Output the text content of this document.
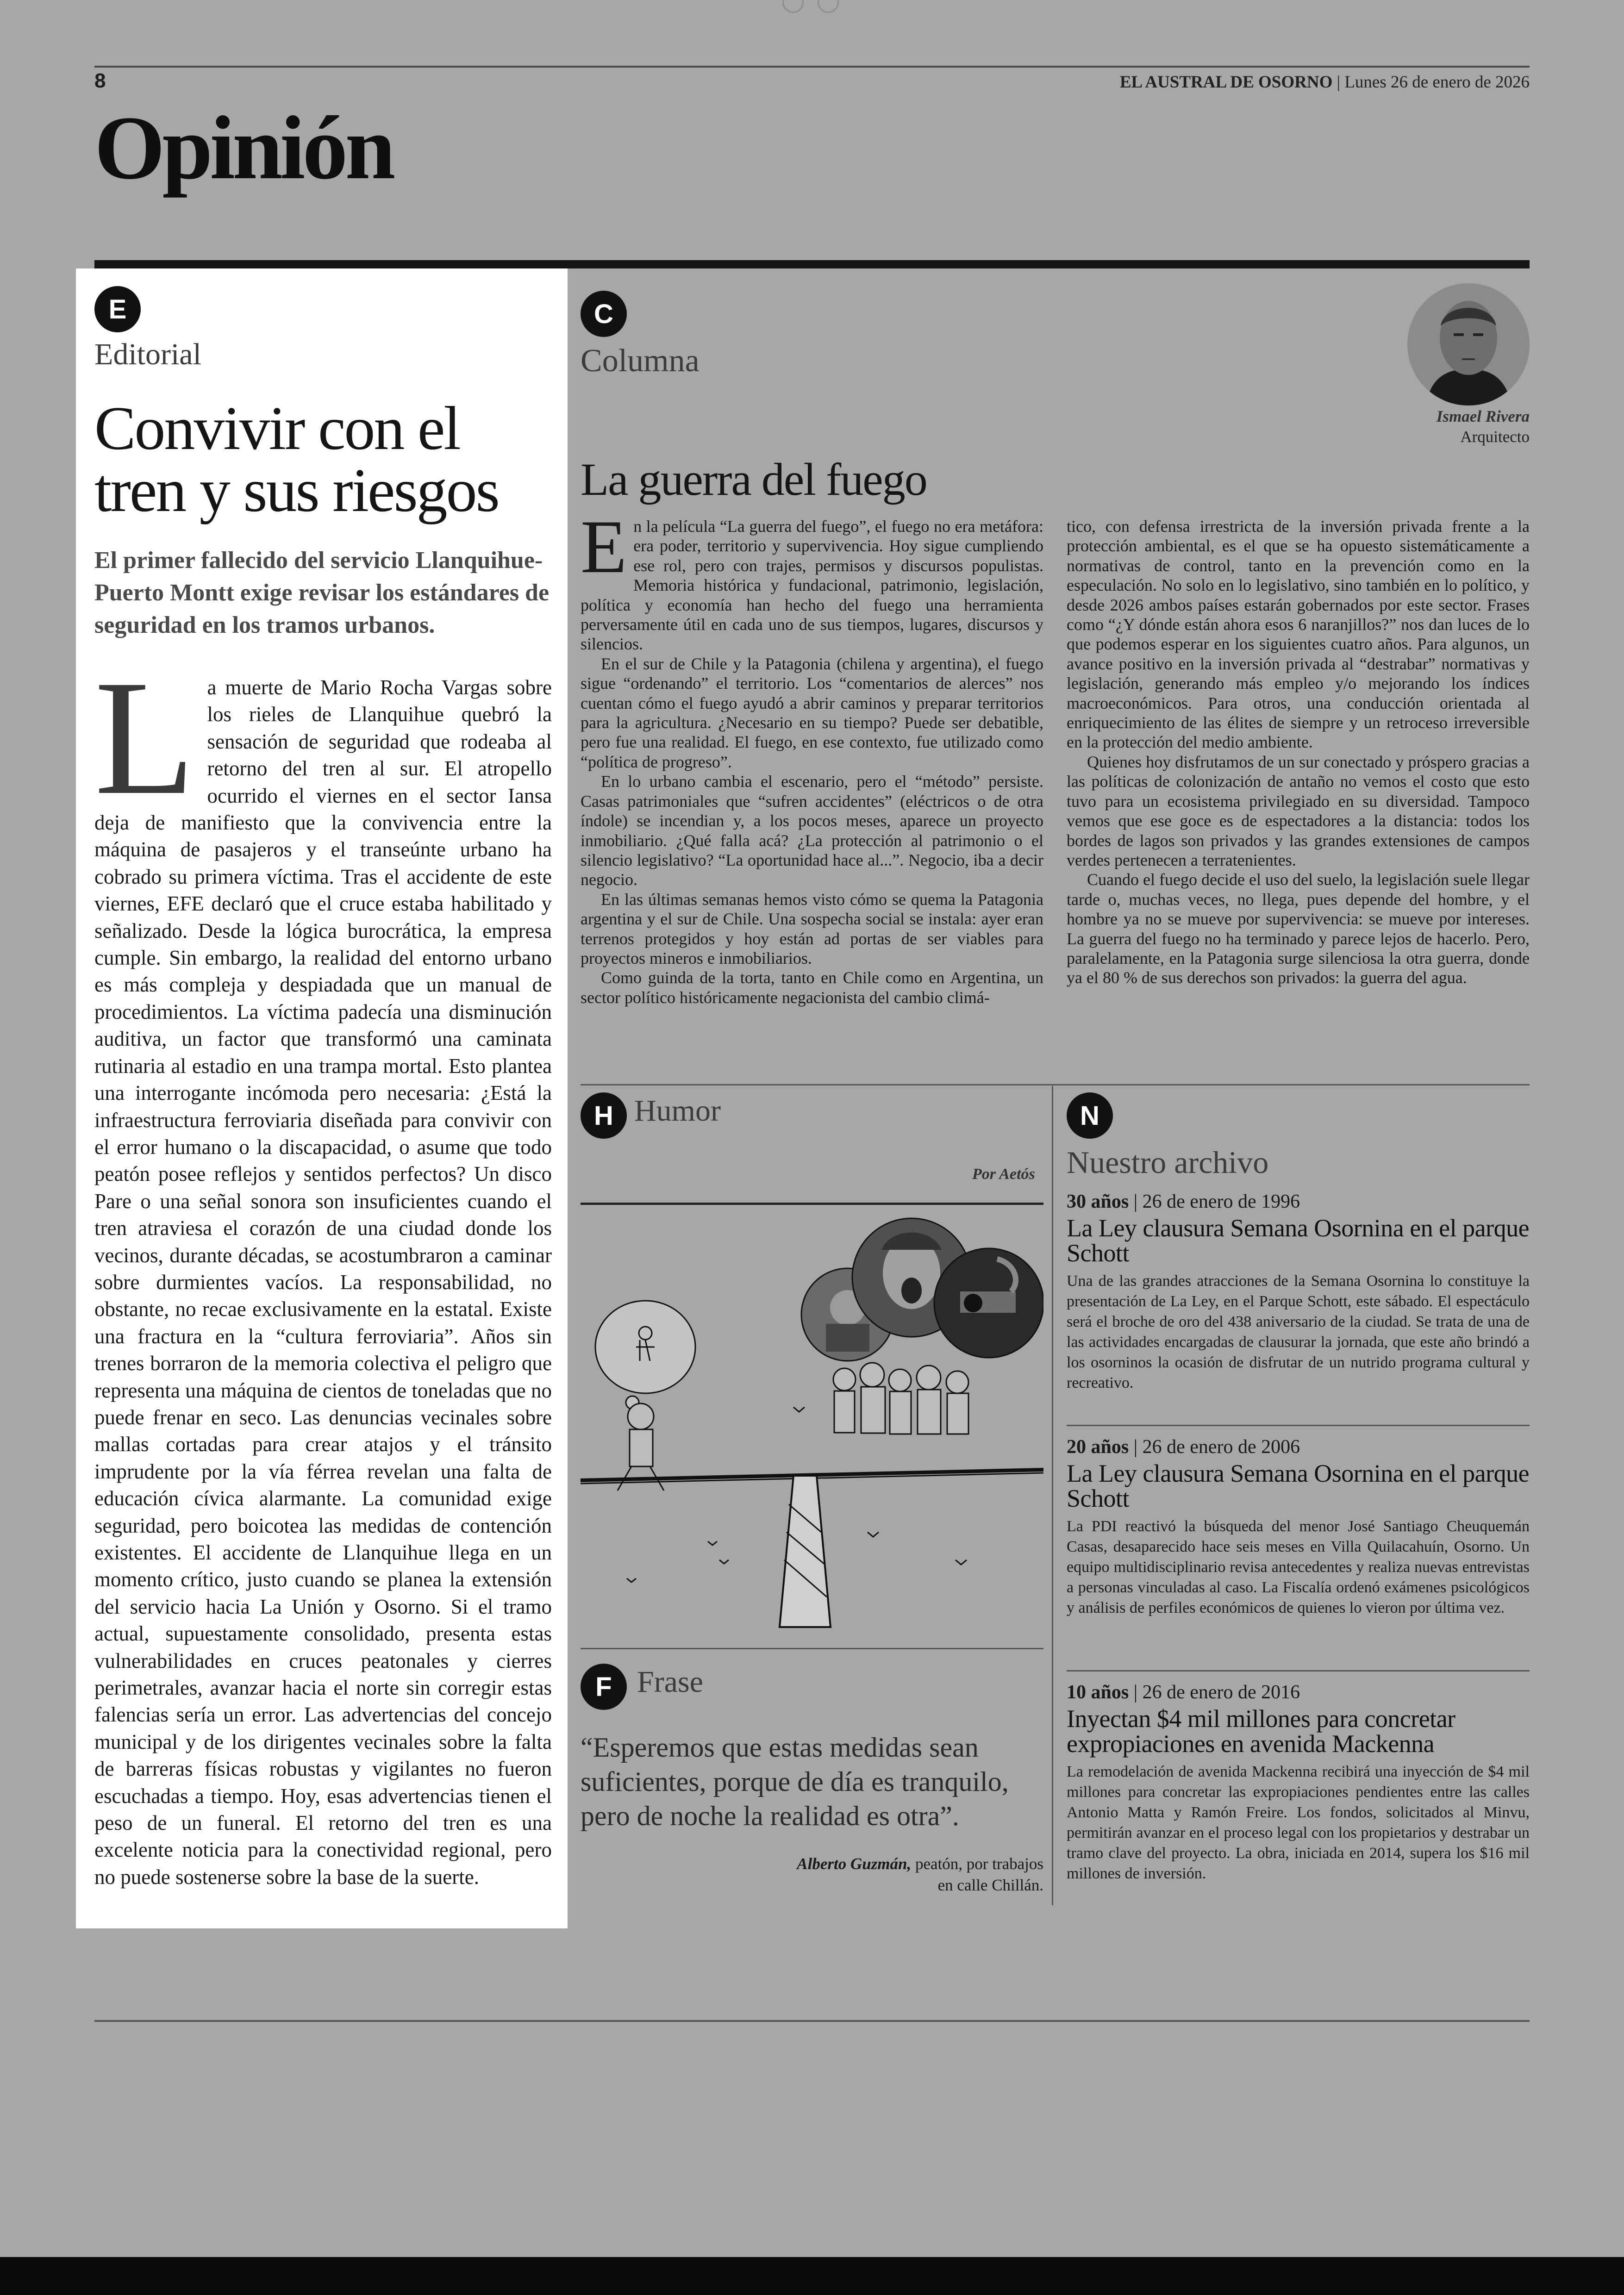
8	EL AUSTRAL DE OSORNO | Lunes 26 de enero de 2026
Opinión
E
Editorial
Convivir con el tren y sus riesgos
El primer fallecido del servicio Llanquihue-Puerto Montt exige revisar los estándares de seguridad en los tramos urbanos.
La muerte de Mario Rocha Vargas sobre los rieles de Llanquihue quebró la sensación de seguridad que rodeaba al retorno del tren al sur. El atropello ocurrido el viernes en el sector Iansa deja de manifiesto que la convivencia entre la máquina de pasajeros y el transeúnte urbano ha cobrado su primera víctima. Tras el accidente de este viernes, EFE declaró que el cruce estaba habilitado y señalizado. Desde la lógica burocrática, la empresa cumple. Sin embargo, la realidad del entorno urbano es más compleja y despiadada que un manual de procedimientos. La víctima padecía una disminución auditiva, un factor que transformó una caminata rutinaria al estadio en una trampa mortal. Esto plantea una interrogante incómoda pero necesaria: ¿Está la infraestructura ferroviaria diseñada para convivir con el error humano o la discapacidad, o asume que todo peatón posee reflejos y sentidos perfectos? Un disco Pare o una señal sonora son insuficientes cuando el tren atraviesa el corazón de una ciudad donde los vecinos, durante décadas, se acostumbraron a caminar sobre durmientes vacíos. La responsabilidad, no obstante, no recae exclusivamente en la estatal. Existe una fractura en la “cultura ferroviaria”. Años sin trenes borraron de la memoria colectiva el peligro que representa una máquina de cientos de toneladas que no puede frenar en seco. Las denuncias vecinales sobre mallas cortadas para crear atajos y el tránsito imprudente por la vía férrea revelan una falta de educación cívica alarmante. La comunidad exige seguridad, pero boicotea las medidas de contención existentes. El accidente de Llanquihue llega en un momento crítico, justo cuando se planea la extensión del servicio hacia La Unión y Osorno. Si el tramo actual, supuestamente consolidado, presenta estas vulnerabilidades en cruces peatonales y cierres perimetrales, avanzar hacia el norte sin corregir estas falencias sería un error. Las advertencias del concejo municipal y de los dirigentes vecinales sobre la falta de barreras físicas robustas y vigilantes no fueron escuchadas a tiempo. Hoy, esas advertencias tienen el peso de un funeral. El retorno del tren es una excelente noticia para la conectividad regional, pero no puede sostenerse sobre la base de la suerte.
C
Columna
Ismael Rivera
Arquitecto
La guerra del fuego

En la película “La guerra del fuego”, el fuego no era metáfora: era poder, territorio y supervivencia. Hoy sigue cumpliendo ese rol, pero con trajes, permisos y discursos populistas. Memoria histórica y fundacional, patrimonio, legislación, política y economía han hecho del fuego una herramienta perversamente útil en cada uno de sus tiempos, lugares, discursos y silencios.

En el sur de Chile y la Patagonia (chilena y argentina), el fuego sigue “ordenando” el territorio. Los “comentarios de alerces” nos cuentan cómo el fuego ayudó a abrir caminos y preparar territorios para la agricultura. ¿Necesario en su tiempo? Puede ser debatible, pero fue una realidad. El fuego, en ese contexto, fue utilizado como “política de progreso”.

En lo urbano cambia el escenario, pero el “método” persiste. Casas patrimoniales que “sufren accidentes” (eléctricos o de otra índole) se incendian y, a los pocos meses, aparece un proyecto inmobiliario. ¿Qué falla acá? ¿La protección al patrimonio o el silencio legislativo? “La oportunidad hace al...”. Negocio, iba a decir negocio.

En las últimas semanas hemos visto cómo se quema la Patagonia argentina y el sur de Chile. Una sospecha social se instala: ayer eran terrenos protegidos y hoy están ad portas de ser viables para proyectos mineros e inmobiliarios.

Como guinda de la torta, tanto en Chile como en Argentina, un sector político históricamente negacionista del cambio climá-

tico, con defensa irrestricta de la inversión privada frente a la protección ambiental, es el que se ha opuesto sistemáticamente a normativas de control, tanto en la prevención como en la especulación. No solo en lo legislativo, sino también en lo político, y desde 2026 ambos países estarán gobernados por este sector. Frases como “¿Y dónde están ahora esos 6 naranjillos?” nos dan luces de lo que podemos esperar en los siguientes cuatro años. Para algunos, un avance positivo en la inversión privada al “destrabar” normativas y legislación, generando más empleo y/o mejorando los índices macroeconómicos. Para otros, una conducción orientada al enriquecimiento de las élites de siempre y un retroceso irreversible en la protección del medio ambiente.

Quienes hoy disfrutamos de un sur conectado y próspero gracias a las políticas de colonización de antaño no vemos el costo que esto tuvo para un ecosistema privilegiado en su diversidad. Tampoco vemos que ese goce es de espectadores a la distancia: todos los bordes de lagos son privados y las grandes extensiones de campos verdes pertenecen a terratenientes.

Cuando el fuego decide el uso del suelo, la legislación suele llegar tarde o, muchas veces, no llega, pues depende del hombre, y el hombre ya no se mueve por supervivencia: se mueve por intereses. La guerra del fuego no ha terminado y parece lejos de hacerlo. Pero, paralelamente, en la Patagonia surge silenciosa la otra guerra, donde ya el 80 % de sus derechos son privados: la guerra del agua.

H Humor
Por Aetós
F Frase
“Esperemos que estas medidas sean suficientes, porque de día es tranquilo, pero de noche la realidad es otra”.
Alberto Guzmán, peatón, por trabajos
en calle Chillán.
N
Nuestro archivo
30 años | 26 de enero de 1996
La Ley clausura Semana Osornina en el parque Schott
Una de las grandes atracciones de la Semana Osornina lo constituye la presentación de La Ley, en el Parque Schott, este sábado. El espectáculo será el broche de oro del 438 aniversario de la ciudad. Se trata de una de las actividades encargadas de clausurar la jornada, que este año brindó a los osorninos la ocasión de disfrutar de un nutrido programa cultural y recreativo.
20 años | 26 de enero de 2006
La Ley clausura Semana Osornina en el parque Schott
La PDI reactivó la búsqueda del menor José Santiago Cheuquemán Casas, desaparecido hace seis meses en Villa Quilacahuín, Osorno. Un equipo multidisciplinario revisa antecedentes y realiza nuevas entrevistas a personas vinculadas al caso. La Fiscalía ordenó exámenes psicológicos y análisis de perfiles económicos de quienes lo vieron por última vez.
10 años | 26 de enero de 2016
Inyectan $4 mil millones para concretar expropiaciones en avenida Mackenna
La remodelación de avenida Mackenna recibirá una inyección de $4 mil millones para concretar las expropiaciones pendientes entre las calles Antonio Matta y Ramón Freire. Los fondos, solicitados al Minvu, permitirán avanzar en el proceso legal con los propietarios y destrabar un tramo clave del proyecto. La obra, iniciada en 2014, supera los $16 mil millones de inversión.
